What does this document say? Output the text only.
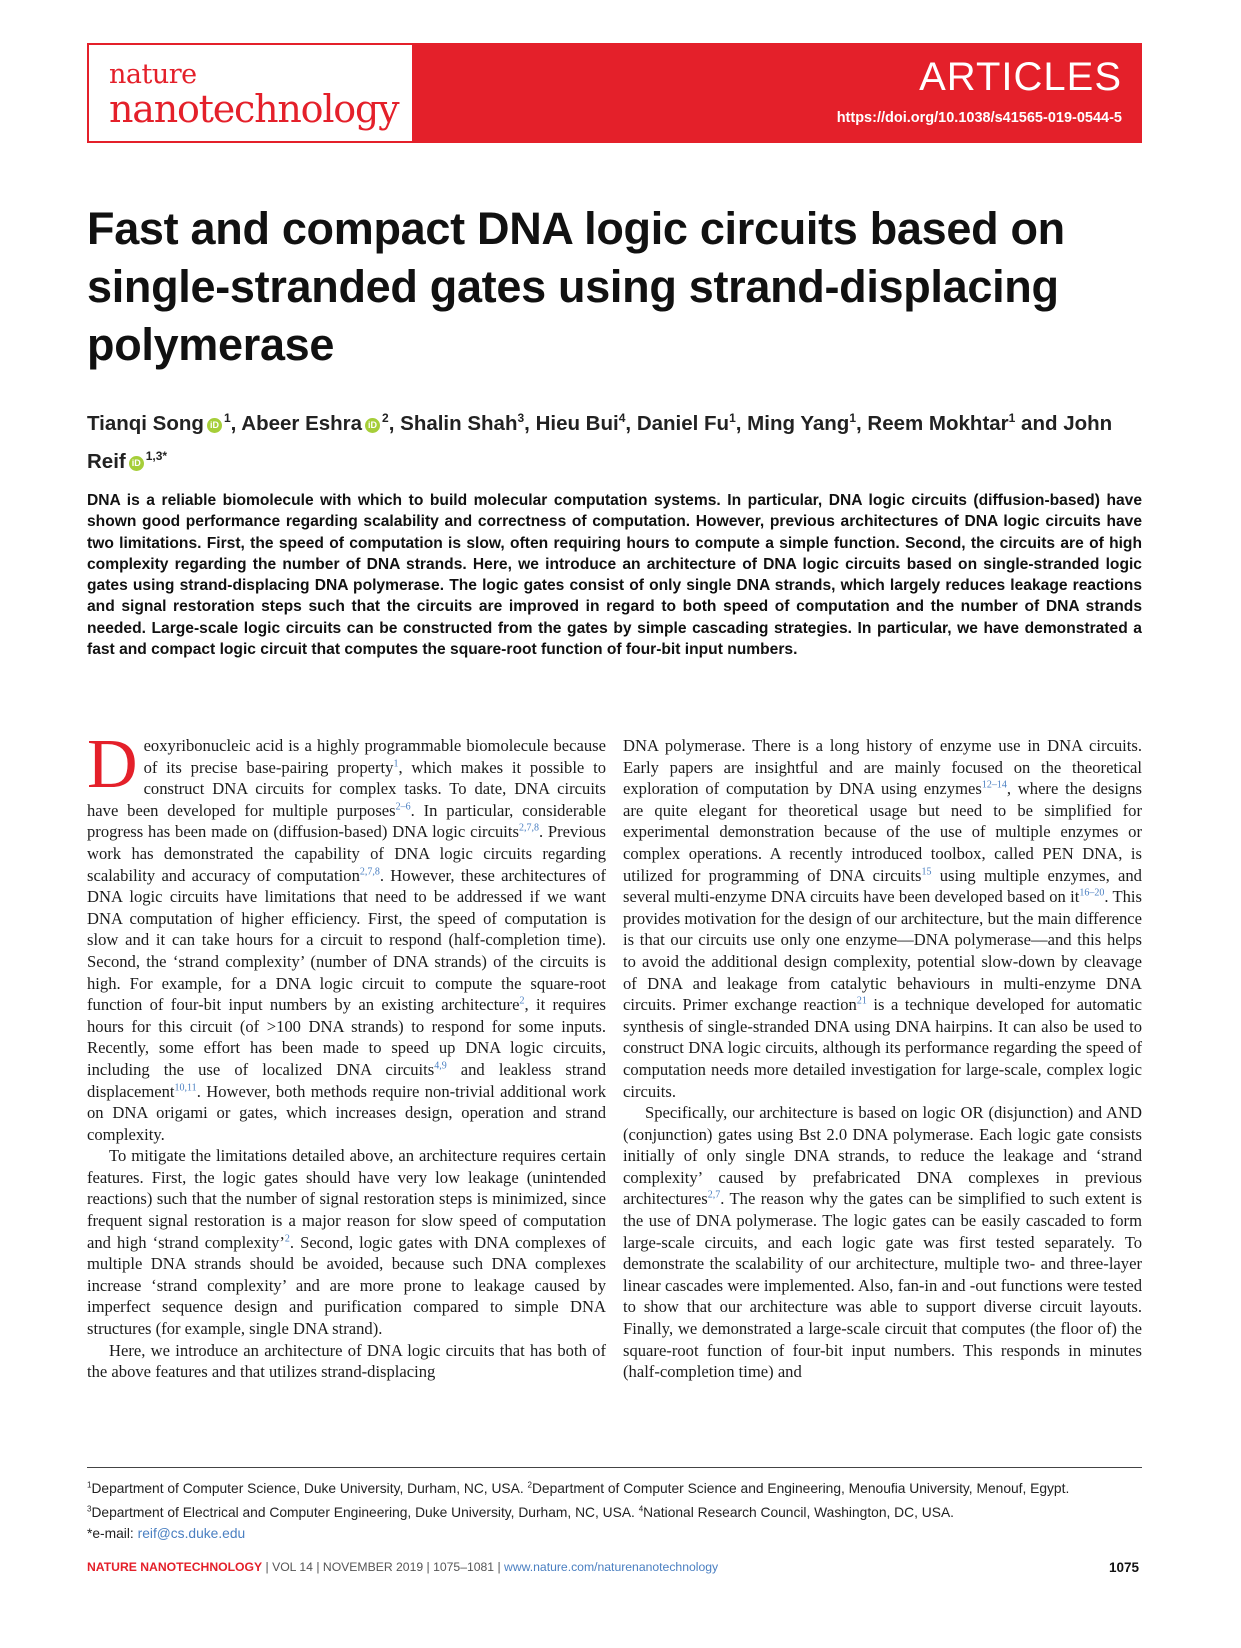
nature
nanotechnology
ARTICLES
https://doi.org/10.1038/s41565-019-0544-5
Fast and compact DNA logic circuits based on single-stranded gates using strand-displacing polymerase
Tianqi Song iD $^1$, Abeer Eshra iD $^2$, Shalin Shah$^3$, Hieu Bui$^4$, Daniel Fu$^1$, Ming Yang$^1$, Reem Mokhtar$^1$ and John Reif iD $^{1,3*}$
DNA is a reliable biomolecule with which to build molecular computation systems. In particular, DNA logic circuits (diffusion-based) have shown good performance regarding scalability and correctness of computation. However, previous architectures of DNA logic circuits have two limitations. First, the speed of computation is slow, often requiring hours to compute a simple function. Second, the circuits are of high complexity regarding the number of DNA strands. Here, we introduce an architecture of DNA logic circuits based on single-stranded logic gates using strand-displacing DNA polymerase. The logic gates consist of only single DNA strands, which largely reduces leakage reactions and signal restoration steps such that the circuits are improved in regard to both speed of computation and the number of DNA strands needed. Large-scale logic circuits can be constructed from the gates by simple cascading strategies. In particular, we have demonstrated a fast and compact logic circuit that computes the square-root function of four-bit input numbers.

Deoxyribonucleic acid is a highly programmable biomolecule because of its precise base-pairing property$^1$, which makes it possible to construct DNA circuits for complex tasks. To date, DNA circuits have been developed for multiple purposes$^{2-6}$. In particular, considerable progress has been made on (diffusion-based) DNA logic circuits$^{2,7,8}$. Previous work has demonstrated the capability of DNA logic circuits regarding scalability and accuracy of computation$^{2,7,8}$. However, these architectures of DNA logic circuits have limitations that need to be addressed if we want DNA computation of higher efficiency. First, the speed of computation is slow and it can take hours for a circuit to respond (half-completion time). Second, the ‘strand complexity’ (number of DNA strands) of the circuits is high. For example, for a DNA logic circuit to compute the square-root function of four-bit input numbers by an existing architecture$^2$, it requires hours for this circuit (of >100 DNA strands) to respond for some inputs. Recently, some effort has been made to speed up DNA logic circuits, including the use of localized DNA circuits$^{4,9}$ and leakless strand displacement$^{10,11}$. However, both methods require non-trivial additional work on DNA origami or gates, which increases design, operation and strand complexity.

To mitigate the limitations detailed above, an architecture requires certain features. First, the logic gates should have very low leakage (unintended reactions) such that the number of signal restoration steps is minimized, since frequent signal restoration is a major reason for slow speed of computation and high ‘strand complexity’$^2$. Second, logic gates with DNA complexes of multiple DNA strands should be avoided, because such DNA complexes increase ‘strand complexity’ and are more prone to leakage caused by imperfect sequence design and purification compared to simple DNA structures (for example, single DNA strand).

Here, we introduce an architecture of DNA logic circuits that has both of the above features and that utilizes strand-displacing

DNA polymerase. There is a long history of enzyme use in DNA circuits. Early papers are insightful and are mainly focused on the theoretical exploration of computation by DNA using enzymes$^{12-14}$, where the designs are quite elegant for theoretical usage but need to be simplified for experimental demonstration because of the use of multiple enzymes or complex operations. A recently introduced toolbox, called PEN DNA, is utilized for programming of DNA circuits$^{15}$ using multiple enzymes, and several multi-enzyme DNA circuits have been developed based on it$^{16-20}$. This provides motivation for the design of our architecture, but the main difference is that our circuits use only one enzyme—DNA polymerase—and this helps to avoid the additional design complexity, potential slow-down by cleavage of DNA and leakage from catalytic behaviours in multi-enzyme DNA circuits. Primer exchange reaction$^{21}$ is a technique developed for automatic synthesis of single-stranded DNA using DNA hairpins. It can also be used to construct DNA logic circuits, although its performance regarding the speed of computation needs more detailed investigation for large-scale, complex logic circuits.

Specifically, our architecture is based on logic OR (disjunction) and AND (conjunction) gates using Bst 2.0 DNA polymerase. Each logic gate consists initially of only single DNA strands, to reduce the leakage and ‘strand complexity’ caused by prefabricated DNA complexes in previous architectures$^{2,7}$. The reason why the gates can be simplified to such extent is the use of DNA polymerase. The logic gates can be easily cascaded to form large-scale circuits, and each logic gate was first tested separately. To demonstrate the scalability of our architecture, multiple two- and three-layer linear cascades were implemented. Also, fan-in and -out functions were tested to show that our architecture was able to support diverse circuit layouts. Finally, we demonstrated a large-scale circuit that computes (the floor of) the square-root function of four-bit input numbers. This responds in minutes (half-completion time) and

$^1$Department of Computer Science, Duke University, Durham, NC, USA. $^2$Department of Computer Science and Engineering, Menoufia University, Menouf, Egypt. $^3$Department of Electrical and Computer Engineering, Duke University, Durham, NC, USA. $^4$National Research Council, Washington, DC, USA.
*e-mail: reif@cs.duke.edu
NATURE NANOTECHNOLOGY | VOL 14 | NOVEMBER 2019 | 1075–1081 | www.nature.com/naturenanotechnology	1075
